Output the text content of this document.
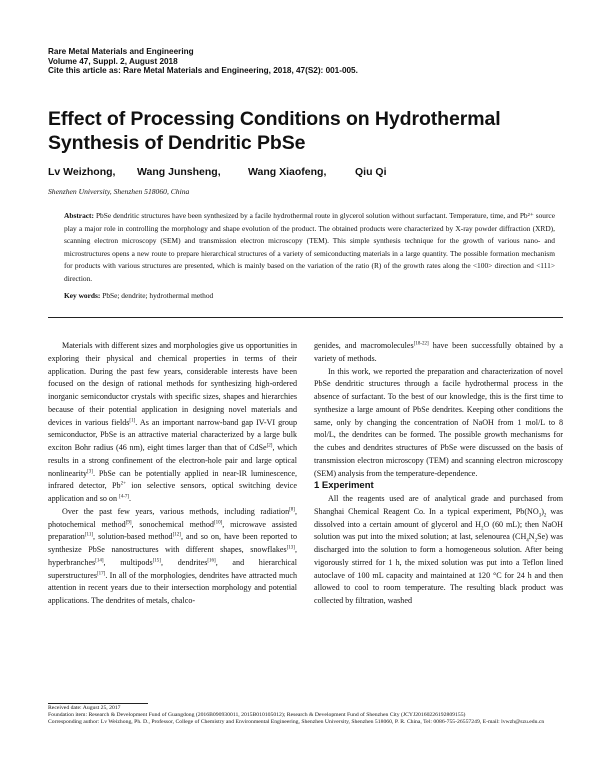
Rare Metal Materials and Engineering
Volume 47, Suppl. 2, August 2018
Cite this article as: Rare Metal Materials and Engineering, 2018, 47(S2): 001-005.
Effect of Processing Conditions on Hydrothermal Synthesis of Dendritic PbSe
Lv Weizhong, Wang Junsheng,	Wang Xiaofeng,	Qiu Qi
Shenzhen University, Shenzhen 518060, China
Abstract: PbSe dendritic structures have been synthesized by a facile hydrothermal route in glycerol solution without surfactant. Temperature, time, and Pb²⁺ source play a major role in controlling the morphology and shape evolution of the product. The obtained products were characterized by X-ray powder diffraction (XRD), scanning electron microscopy (SEM) and transmission electron microscopy (TEM). This simple synthesis technique for the growth of various nano- and microstructures opens a new route to prepare hierarchical structures of a variety of semiconducting materials in a large quantity. The possible formation mechanism for products with various structures are presented, which is mainly based on the variation of the ratio (R) of the growth rates along the <100> direction and <111> direction.
Key words: PbSe; dendrite; hydrothermal method

Materials with different sizes and morphologies give us opportunities in exploring their physical and chemical properties in terms of their application. During the past few years, considerable interests have been focused on the design of rational methods for synthesizing high-ordered inorganic semiconductor crystals with specific sizes, shapes and hierarchies because of their potential application in designing novel materials and devices in various fields[1]. As an important narrow-band gap IV-VI group semiconductor, PbSe is an attractive material characterized by a large bulk exciton Bohr radius (46 nm), eight times larger than that of CdSe[2], which results in a strong confinement of the electron-hole pair and large optical nonlinearity[3]. PbSe can be potentially applied in near-IR luminescence, infrared detector, $Pb^{2+}$ ion selective sensors, optical switching device application and so on [4-7].

Over the past few years, various methods, including radiation[8], photochemical method[9], sonochemical method[10], microwave assisted preparation[11], solution-based method[12], and so on, have been reported to synthesize PbSe nanostructures with different shapes, snowflakes[13], hyperbranches[14], multipods[15], dendrites[16], and hierarchical superstructures[17]. In all of the morphologies, dendrites have attracted much attention in recent years due to their intersection morphology and potential applications. The dendrites of metals, chalco-

genides, and macromolecules[18-22] have been successfully obtained by a variety of methods.

In this work, we reported the preparation and characterization of novel PbSe dendritic structures through a facile hydrothermal process in the absence of surfactant. To the best of our knowledge, this is the first time to synthesize a large amount of PbSe dendrites. Keeping other conditions the same, only by changing the concentration of NaOH from 1 mol/L to 8 mol/L, the dendrites can be formed. The possible growth mechanisms for the cubes and dendrites structures of PbSe were discussed on the basis of transmission electron microscopy (TEM) and scanning electron microscopy (SEM) analysis from the temperature-dependence.

1 Experiment

All the reagents used are of analytical grade and purchased from Shanghai Chemical Reagent Co. In a typical experiment, $Pb(NO_3)_2$ was dissolved into a certain amount of glycerol and $H_2O$ (60 mL); then NaOH solution was put into the mixed solution; at last, selenourea $(CH_4N_2Se)$ was discharged into the solution to form a homogeneous solution. After being vigorously stirred for 1 h, the mixed solution was put into a Teflon lined autoclave of 100 mL capacity and maintained at 120 °C for 24 h and then allowed to cool to room temperature. The resulting black product was collected by filtration, washed

Received date: August 25, 2017
Foundation item: Research & Development Fund of Guangdong (2016B090930011, 2015B010105012); Research & Development Fund of Shenzhen City (JCYJ20160226192809155)
Corresponding author: Lv Weizhong, Ph. D., Professor, College of Chemistry and Environmental Engineering, Shenzhen University, Shenzhen 518060, P. R. China, Tel: 0086-755-26557249, E-mail: lvwzh@szu.edu.cn
